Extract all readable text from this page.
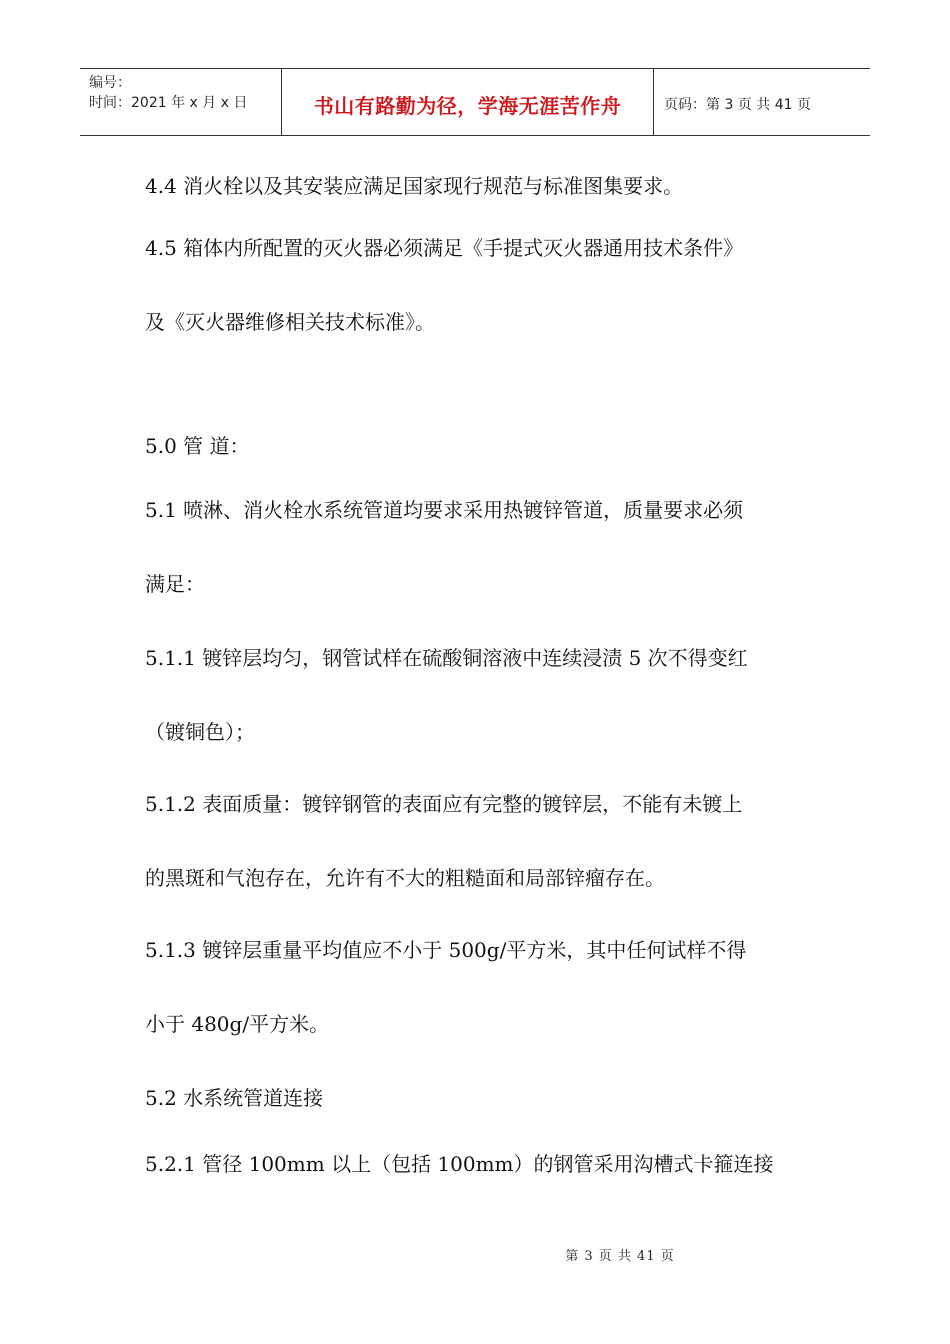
编号：
时间：2021 年 x 月 x 日	书山有路勤为径，学海无涯苦作舟	页码：第 3 页 共 41 页
4.4 消火栓以及其安装应满足国家现行规范与标准图集要求。
4.5 箱体内所配置的灭火器必须满足《手提式灭火器通用技术条件》
及《灭火器维修相关技术标准》。
5.0 管 道：
5.1 喷淋、消火栓水系统管道均要求采用热镀锌管道，质量要求必须
满足：
5.1.1 镀锌层均匀，钢管试样在硫酸铜溶液中连续浸渍 5 次不得变红
（镀铜色）；
5.1.2 表面质量：镀锌钢管的表面应有完整的镀锌层，不能有未镀上
的黑斑和气泡存在，允许有不大的粗糙面和局部锌瘤存在。
5.1.3 镀锌层重量平均值应不小于 500g/平方米，其中任何试样不得
小于 480g/平方米。
5.2 水系统管道连接
5.2.1 管径 100mm 以上（包括 100mm）的钢管采用沟槽式卡箍连接
第 3 页 共 41 页
